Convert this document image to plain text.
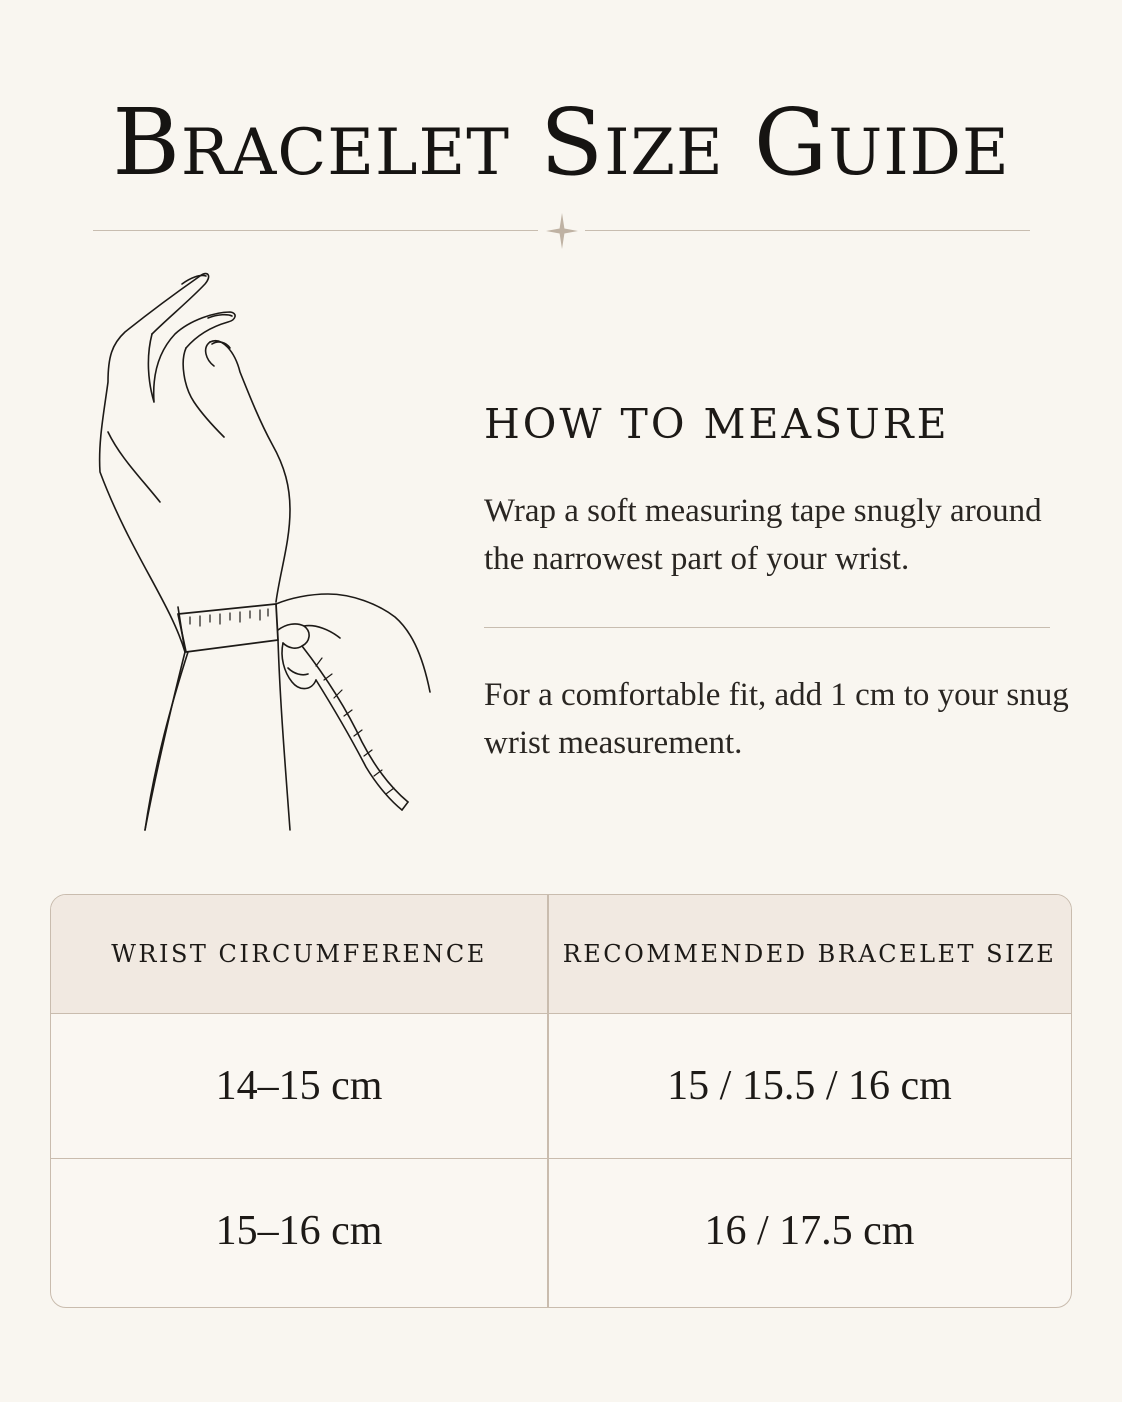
Bracelet Size Guide
HOW TO MEASURE

Wrap a soft measuring tape snugly around the narrowest part of your wrist.

For a comfortable fit, add 1 cm to your snug wrist measurement.

WRIST CIRCUMFERENCE	RECOMMENDED BRACELET SIZE
14–15 cm	15 / 15.5 / 16 cm
15–16 cm	16 / 17.5 cm
